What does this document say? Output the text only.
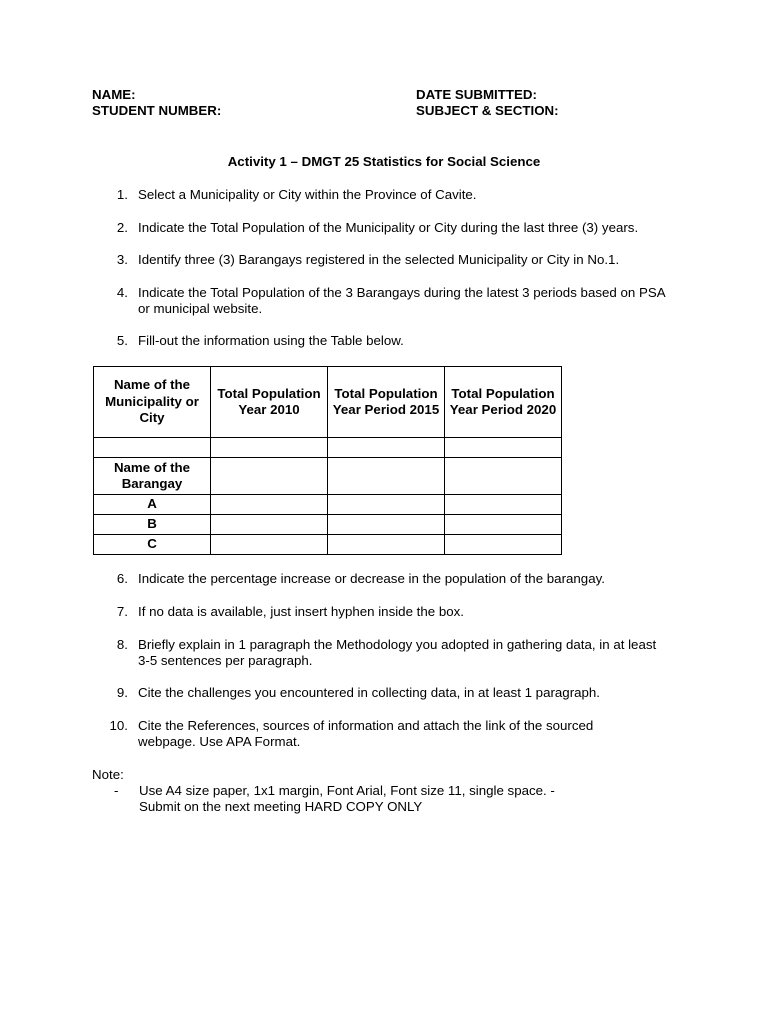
NAME:
STUDENT NUMBER:
DATE SUBMITTED:
SUBJECT & SECTION:
Activity 1 – DMGT 25 Statistics for Social Science
1. Select a Municipality or City within the Province of Cavite.
2. Indicate the Total Population of the Municipality or City during the last three (3) years.
3. Identify three (3) Barangays registered in the selected Municipality or City in No.1.
4. Indicate the Total Population of the 3 Barangays during the latest 3 periods based on PSA or municipal website.
5. Fill-out the information using the Table below.
Name of the Municipality or City	Total Population Year 2010	Total Population Year Period 2015	Total Population Year Period 2020

Name of the Barangay			
A			
B			
C			
6. Indicate the percentage increase or decrease in the population of the barangay.
7. If no data is available, just insert hyphen inside the box.
8. Briefly explain in 1 paragraph the Methodology you adopted in gathering data, in at least 3-5 sentences per paragraph.
9. Cite the challenges you encountered in collecting data, in at least 1 paragraph.
10. Cite the References, sources of information and attach the link of the sourced webpage. Use APA Format.
Note:
- Use A4 size paper, 1x1 margin, Font Arial, Font size 11, single space. - Submit on the next meeting HARD COPY ONLY
